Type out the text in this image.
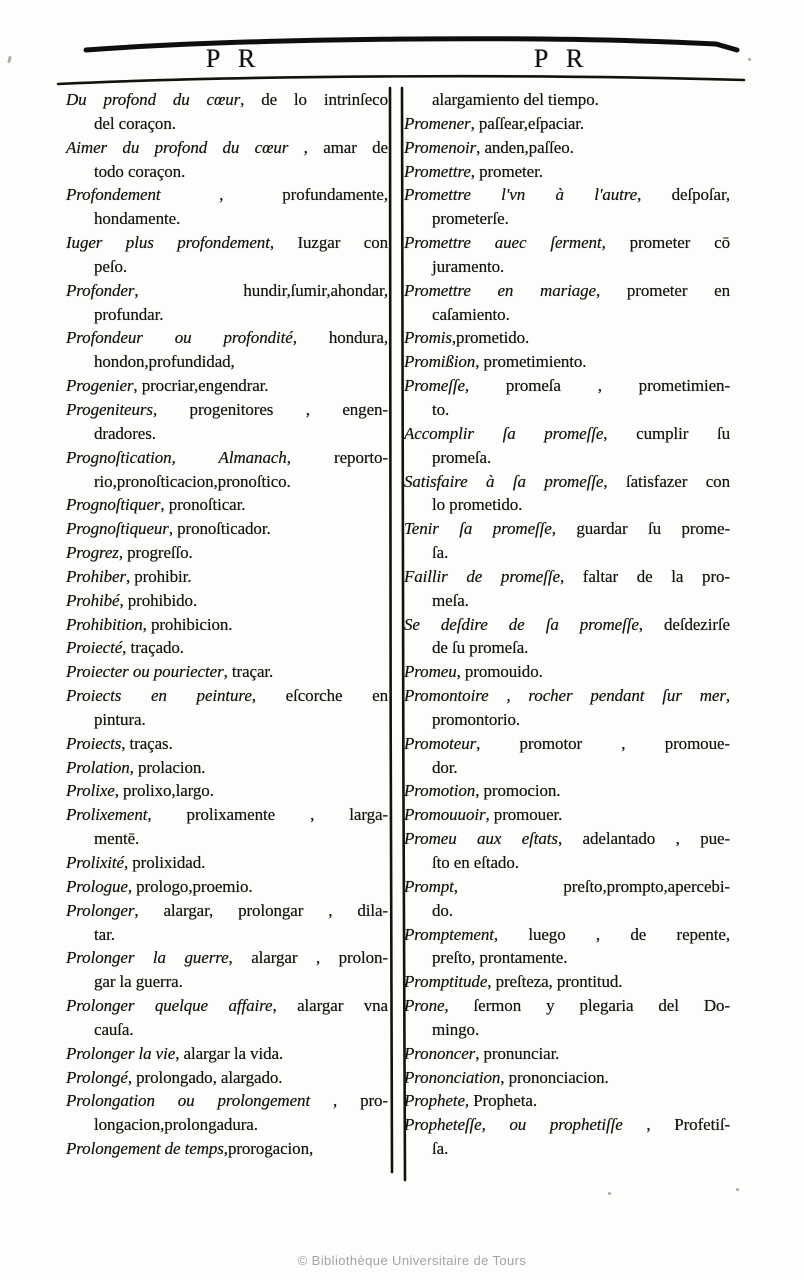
P R	P R
Du profond du cœur, de lo intrinſeco
del coraçon.
Aimer du profond du cœur , amar de
todo coraçon.
Profondement , profundamente,
hondamente.
Iuger plus profondement, Iuzgar con
peſo.
Profonder, hundir,ſumir,ahondar,
profundar.
Profondeur ou profondité, hondura,
hondon,profundidad,
Progenier, procriar,engendrar.
Progeniteurs, progenitores , engen-
dradores.
Prognoſtication, Almanach, reporto-
rio,pronoſticacion,pronoſtico.
Prognoſtiquer, pronoſticar.
Prognoſtiqueur, pronoſticador.
Progrez, progreſſo.
Prohiber, prohibir.
Prohibé, prohibido.
Prohibition, prohibicion.
Proiecté, traçado.
Proiecter ou pouriecter, traçar.
Proiects en peinture, eſcorche en
pintura.
Proiects, traças.
Prolation, prolacion.
Prolixe, prolixo,largo.
Prolixement, prolixamente , larga-
mentē.
Prolixité, prolixidad.
Prologue, prologo,proemio.
Prolonger, alargar, prolongar , dila-
tar.
Prolonger la guerre, alargar , prolon-
gar la guerra.
Prolonger quelque affaire, alargar vna
cauſa.
Prolonger la vie, alargar la vida.
Prolongé, prolongado, alargado.
Prolongation ou prolongement , pro-
longacion,prolongadura.
Prolongement de temps,prorogacion,
alargamiento del tiempo.
Promener, paſſear,eſpaciar.
Promenoir, anden,paſſeo.
Promettre, prometer.
Promettre l'vn à l'autre, deſpoſar,
prometerſe.
Promettre auec ſerment, prometer cō
juramento.
Promettre en mariage, prometer en
caſamiento.
Promis,prometido.
Promißion, prometimiento.
Promeſſe, promeſa , prometimien-
to.
Accomplir ſa promeſſe, cumplir ſu
promeſa.
Satisfaire à ſa promeſſe, ſatisfazer con
lo prometido.
Tenir ſa promeſſe, guardar ſu prome-
ſa.
Faillir de promeſſe, faltar de la pro-
meſa.
Se deſdire de ſa promeſſe, deſdezirſe
de ſu promeſa.
Promeu, promouido.
Promontoire , rocher pendant ſur mer,
promontorio.
Promoteur, promotor , promoue-
dor.
Promotion, promocion.
Promouuoir, promouer.
Promeu aux eſtats, adelantado , pue-
ſto en eſtado.
Prompt, preſto,prompto,apercebi-
do.
Promptement, luego , de repente,
preſto, prontamente.
Promptitude, preſteza, prontitud.
Prone, ſermon y plegaria del Do-
mingo.
Prononcer, pronunciar.
Prononciation, prononciacion.
Prophete, Propheta.
Propheteſſe, ou prophetiſſe , Profetiſ-
ſa.
© Bibliothèque Universitaire de Tours
